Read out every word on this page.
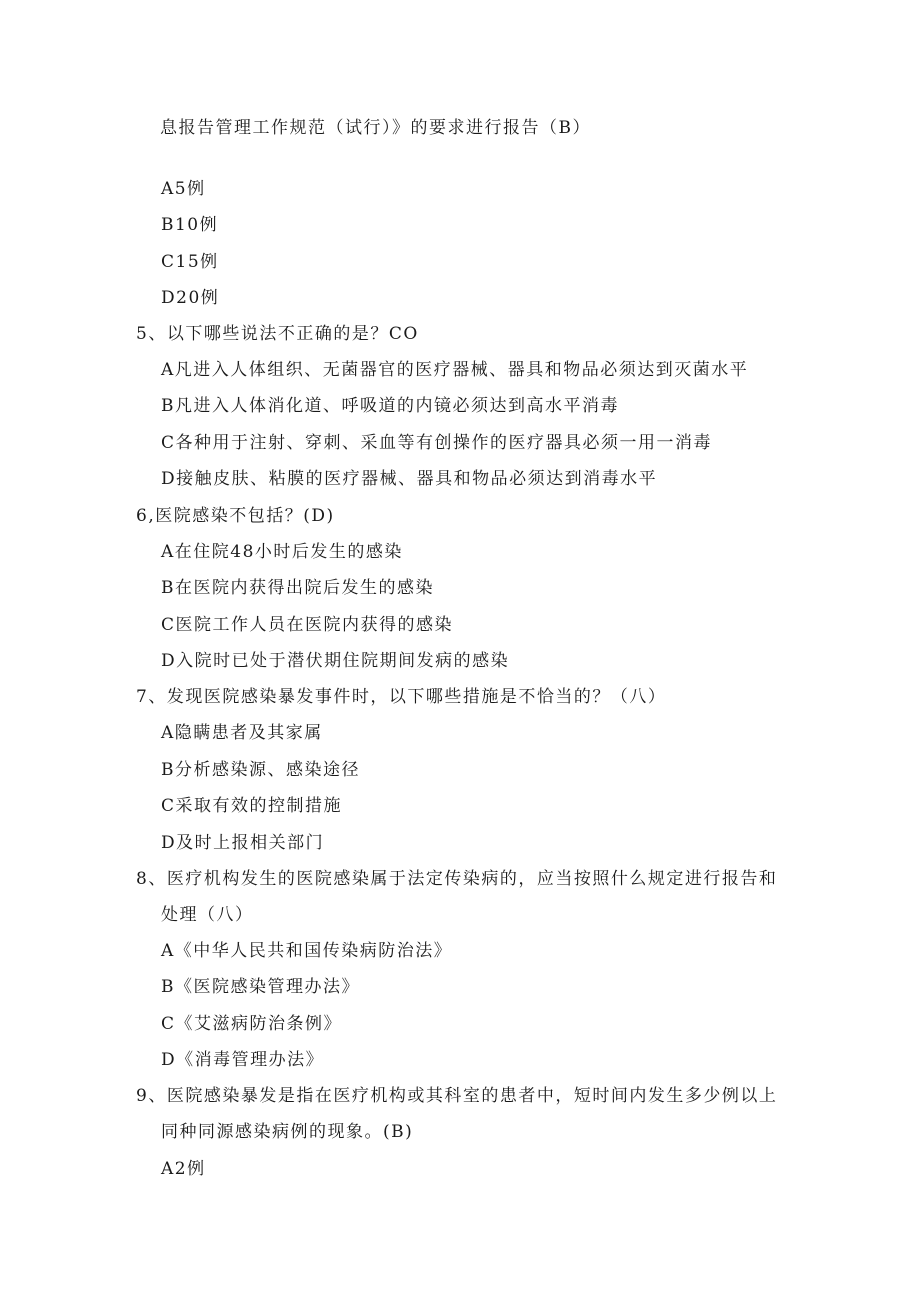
息报告管理工作规范（试行）》的要求进行报告（B）
A5例
B10例
C15例
D20例
5、以下哪些说法不正确的是？CO
A凡进入人体组织、无菌器官的医疗器械、器具和物品必须达到灭菌水平
B凡进入人体消化道、呼吸道的内镜必须达到高水平消毒
C各种用于注射、穿刺、采血等有创操作的医疗器具必须一用一消毒
D接触皮肤、粘膜的医疗器械、器具和物品必须达到消毒水平
6,医院感染不包括？(D)
A在住院48小时后发生的感染
B在医院内获得出院后发生的感染
C医院工作人员在医院内获得的感染
D入院时已处于潜伏期住院期间发病的感染
7、发现医院感染暴发事件时，以下哪些措施是不恰当的？（八）
A隐瞒患者及其家属
B分析感染源、感染途径
C采取有效的控制措施
D及时上报相关部门
8、医疗机构发生的医院感染属于法定传染病的，应当按照什么规定进行报告和
处理（八）
A《中华人民共和国传染病防治法》
B《医院感染管理办法》
C《艾滋病防治条例》
D《消毒管理办法》
9、医院感染暴发是指在医疗机构或其科室的患者中，短时间内发生多少例以上
同种同源感染病例的现象。(B)
A2例
